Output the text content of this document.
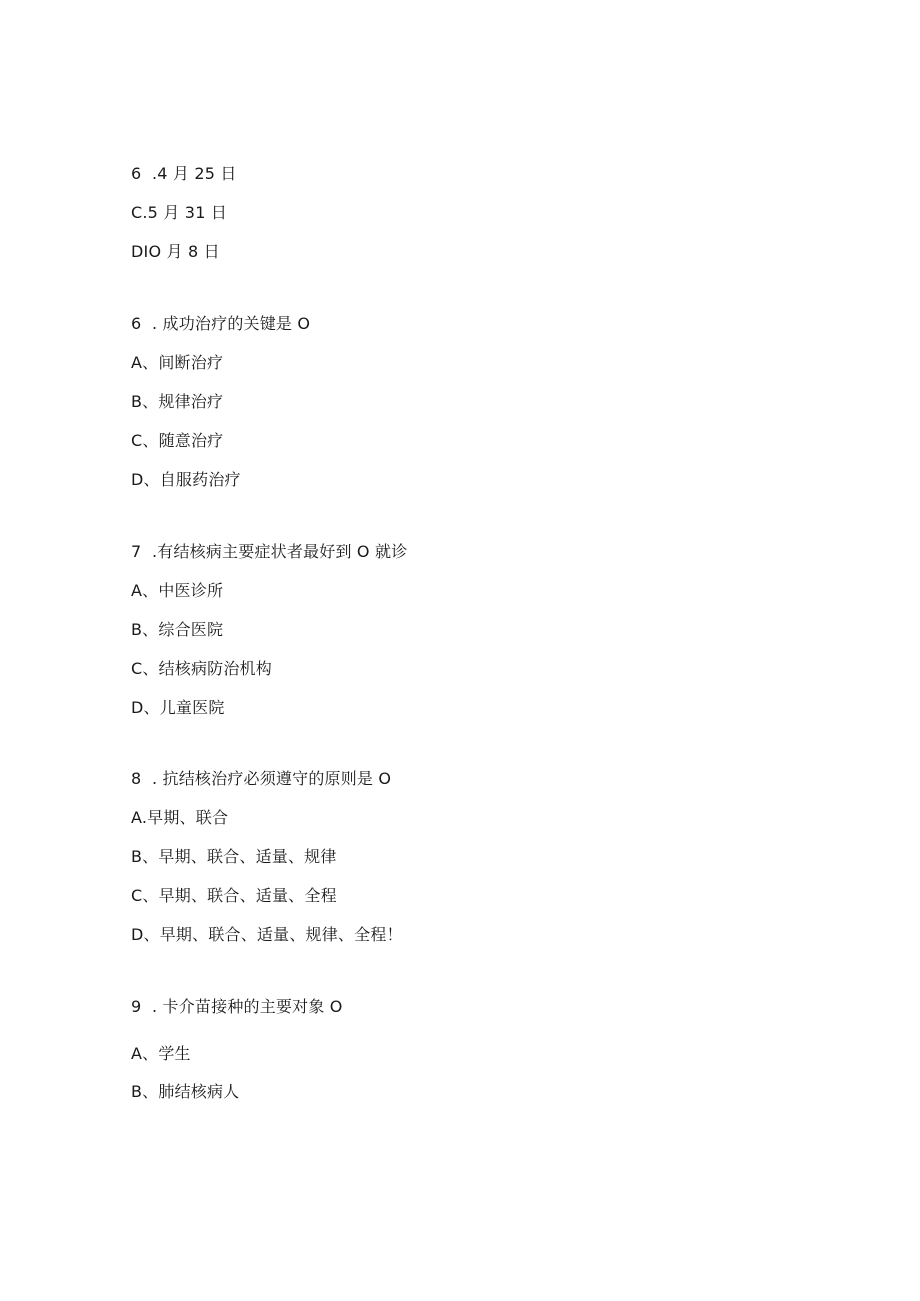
6  .4 月 25 日
C.5 月 31 日
DIO 月 8 日
6  . 成功治疗的关键是 O
A、间断治疗
B、规律治疗
C、随意治疗
D、自服药治疗
7  .有结核病主要症状者最好到 O 就诊
A、中医诊所
B、综合医院
C、结核病防治机构
D、儿童医院
8  . 抗结核治疗必须遵守的原则是 O
A.早期、联合
B、早期、联合、适量、规律
C、早期、联合、适量、全程
D、早期、联合、适量、规律、全程！
9  . 卡介苗接种的主要对象 O
A、学生
B、肺结核病人
